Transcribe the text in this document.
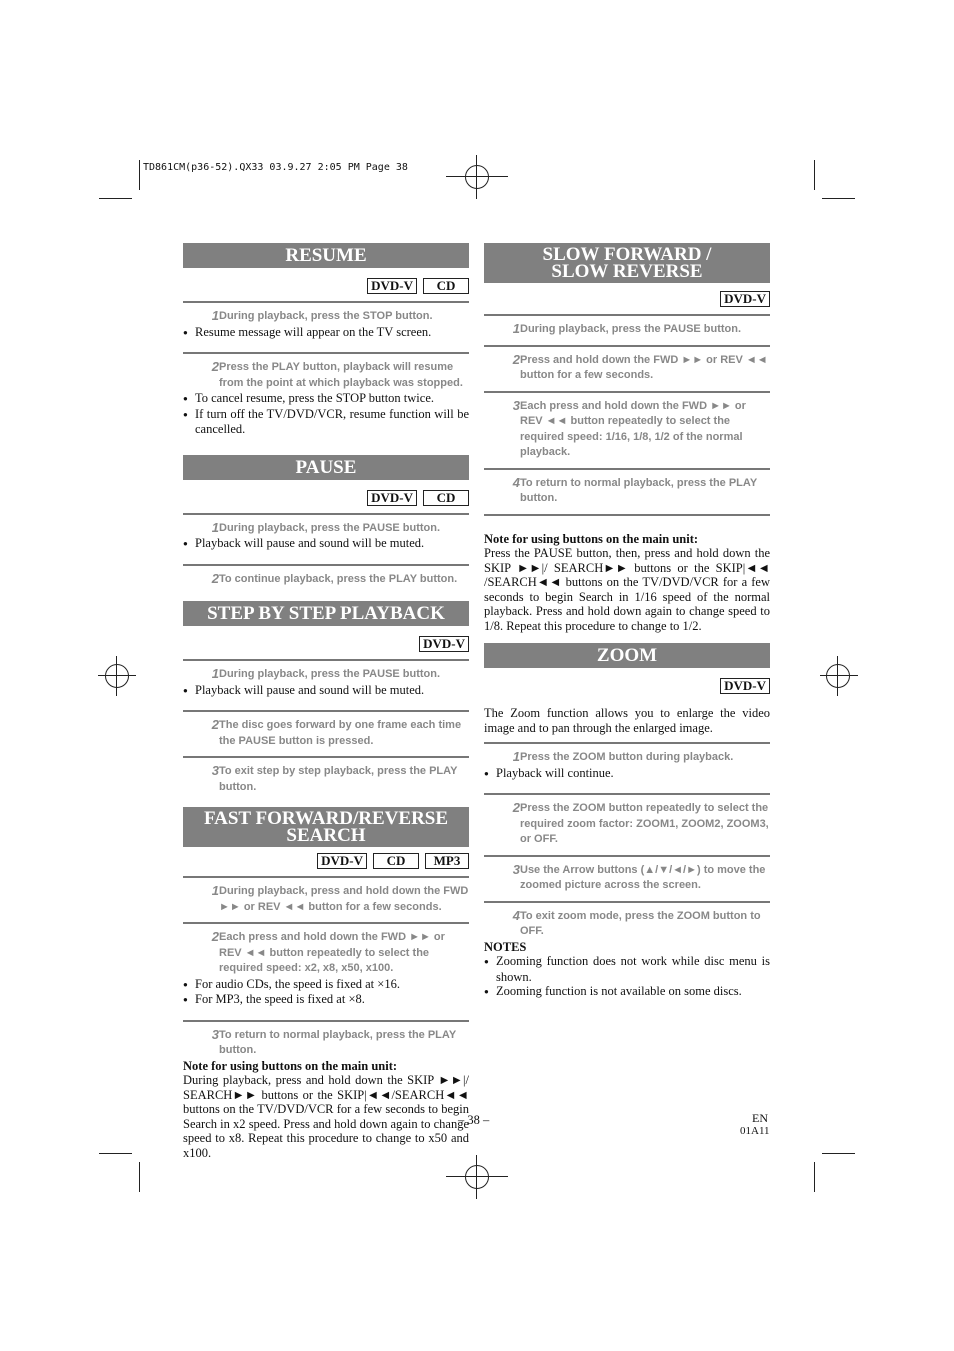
TD861CM(p36-52).QX33 03.9.27 2:05 PM Page 38
RESUME
DVD-V	CD
1 During playback, press the STOP button.
● Resume message will appear on the TV screen.
2 Press the PLAY button, playback will resume from the point at which playback was stopped.
● To cancel resume, press the STOP button twice.
● If turn off the TV/DVD/VCR, resume function will be cancelled.
PAUSE
DVD-V	CD
1 During playback, press the PAUSE button.
● Playback will pause and sound will be muted.
2 To continue playback, press the PLAY button.
STEP BY STEP PLAYBACK
DVD-V
1 During playback, press the PAUSE button.
● Playback will pause and sound will be muted.
2 The disc goes forward by one frame each time the PAUSE button is pressed.
3 To exit step by step playback, press the PLAY button.
FAST FORWARD/REVERSE
SEARCH
DVD-V	CD	MP3
1 During playback, press and hold down the FWD ►► or REV ◄◄ button for a few seconds.
2 Each press and hold down the FWD ►► or REV ◄◄ button repeatedly to select the required speed: x2, x8, x50, x100.
● For audio CDs, the speed is fixed at ×16.
● For MP3, the speed is fixed at ×8.
3 To return to normal playback, press the PLAY button.
Note for using buttons on the main unit:
During playback, press and hold down the SKIP ►►|/ SEARCH►► buttons or the SKIP|◄◄/SEARCH◄◄ buttons on the TV/DVD/VCR for a few seconds to begin Search in x2 speed. Press and hold down again to change speed to x8. Repeat this procedure to change to x50 and x100.
SLOW FORWARD /
SLOW REVERSE
DVD-V
1 During playback, press the PAUSE button.
2 Press and hold down the FWD ►► or REV ◄◄ button for a few seconds.
3 Each press and hold down the FWD ►► or REV ◄◄ button repeatedly to select the required speed: 1/16, 1/8, 1/2 of the normal playback.
4 To return to normal playback, press the PLAY button.
Note for using buttons on the main unit:
Press the PAUSE button, then, press and hold down the SKIP ►►|/ SEARCH►► buttons or the SKIP|◄◄ /SEARCH◄◄ buttons on the TV/DVD/VCR for a few seconds to begin Search in 1/16 speed of the normal playback. Press and hold down again to change speed to 1/8. Repeat this procedure to change to 1/2.
ZOOM
DVD-V
The Zoom function allows you to enlarge the video image and to pan through the enlarged image.
1 Press the ZOOM button during playback.
● Playback will continue.
2 Press the ZOOM button repeatedly to select the required zoom factor: ZOOM1, ZOOM2, ZOOM3, or OFF.
3 Use the Arrow buttons (▲/▼/◄/►) to move the zoomed picture across the screen.
4 To exit zoom mode, press the ZOOM button to OFF.
NOTES
● Zooming function does not work while disc menu is shown.
● Zooming function is not available on some discs.
– 38 –	EN
01A11
